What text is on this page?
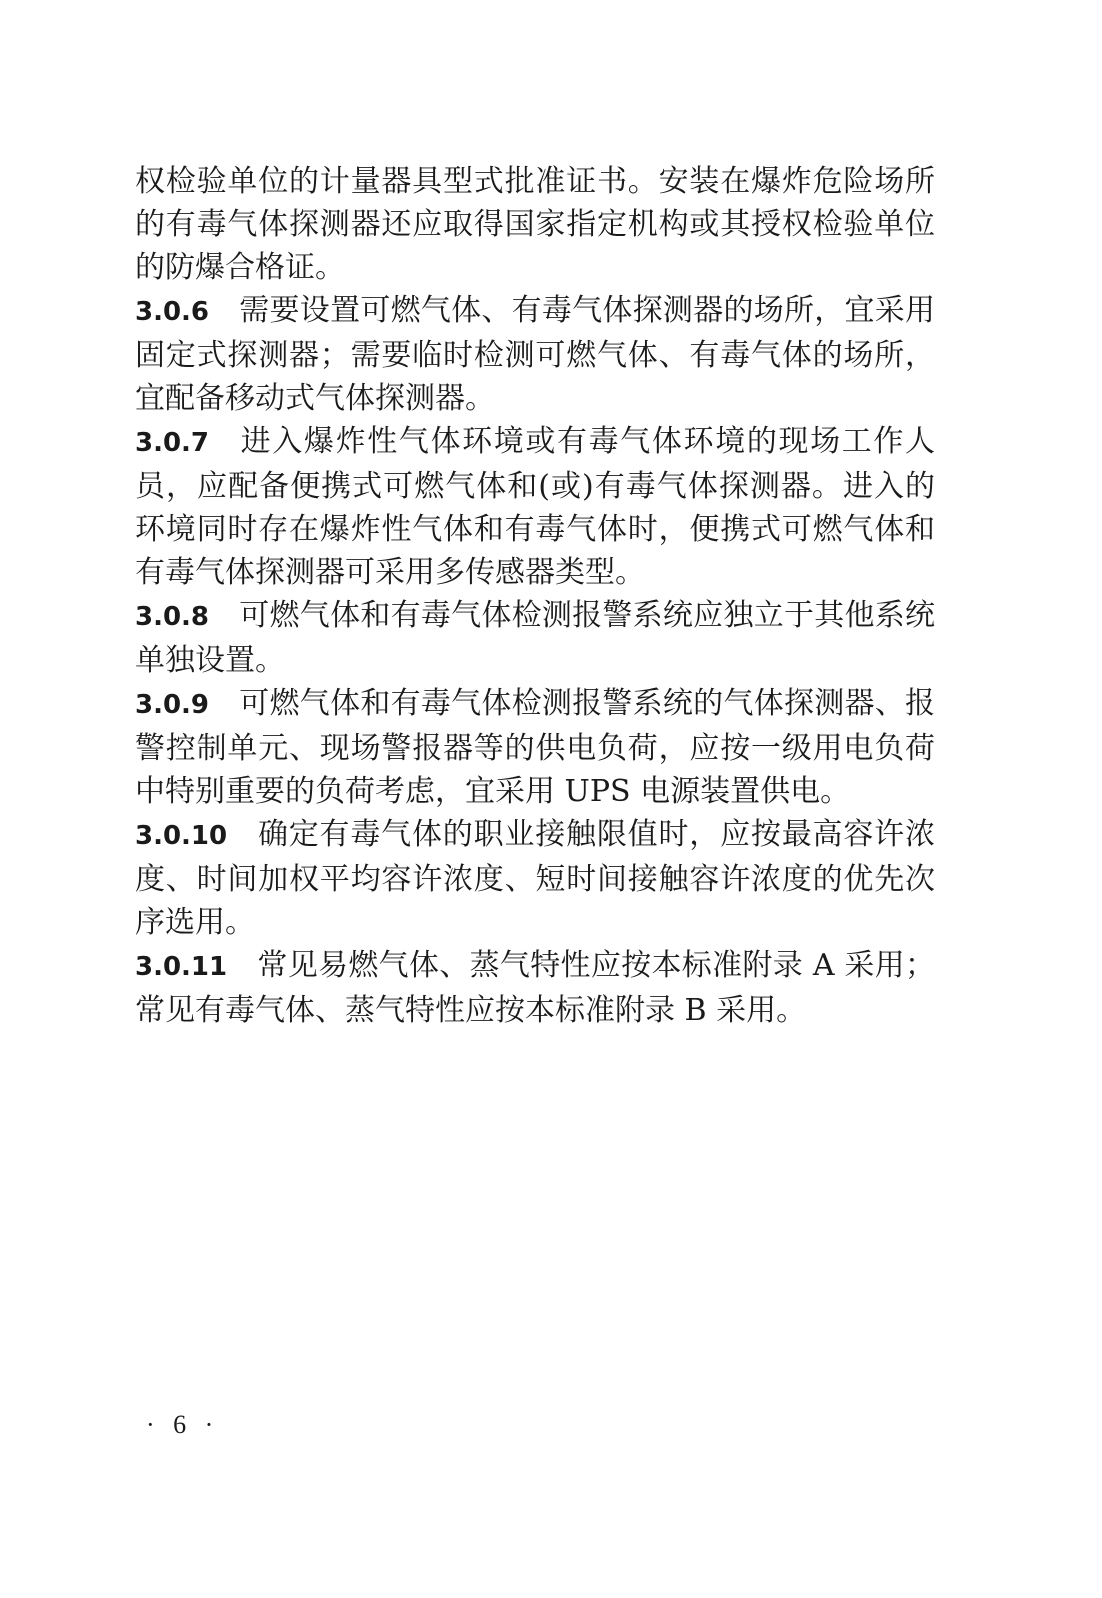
权检验单位的计量器具型式批准证书。安装在爆炸危险场所的有毒气体探测器还应取得国家指定机构或其授权检验单位的防爆合格证。

3.0.6 需要设置可燃气体、有毒气体探测器的场所，宜采用固定式探测器；需要临时检测可燃气体、有毒气体的场所，宜配备移动式气体探测器。

3.0.7 进入爆炸性气体环境或有毒气体环境的现场工作人员，应配备便携式可燃气体和(或)有毒气体探测器。进入的环境同时存在爆炸性气体和有毒气体时，便携式可燃气体和有毒气体探测器可采用多传感器类型。

3.0.8 可燃气体和有毒气体检测报警系统应独立于其他系统单独设置。

3.0.9 可燃气体和有毒气体检测报警系统的气体探测器、报警控制单元、现场警报器等的供电负荷，应按一级用电负荷中特别重要的负荷考虑，宜采用 UPS 电源装置供电。

3.0.10 确定有毒气体的职业接触限值时，应按最高容许浓度、时间加权平均容许浓度、短时间接触容许浓度的优先次序选用。

3.0.11 常见易燃气体、蒸气特性应按本标准附录 A 采用；常见有毒气体、蒸气特性应按本标准附录 B 采用。

· 6 ·
